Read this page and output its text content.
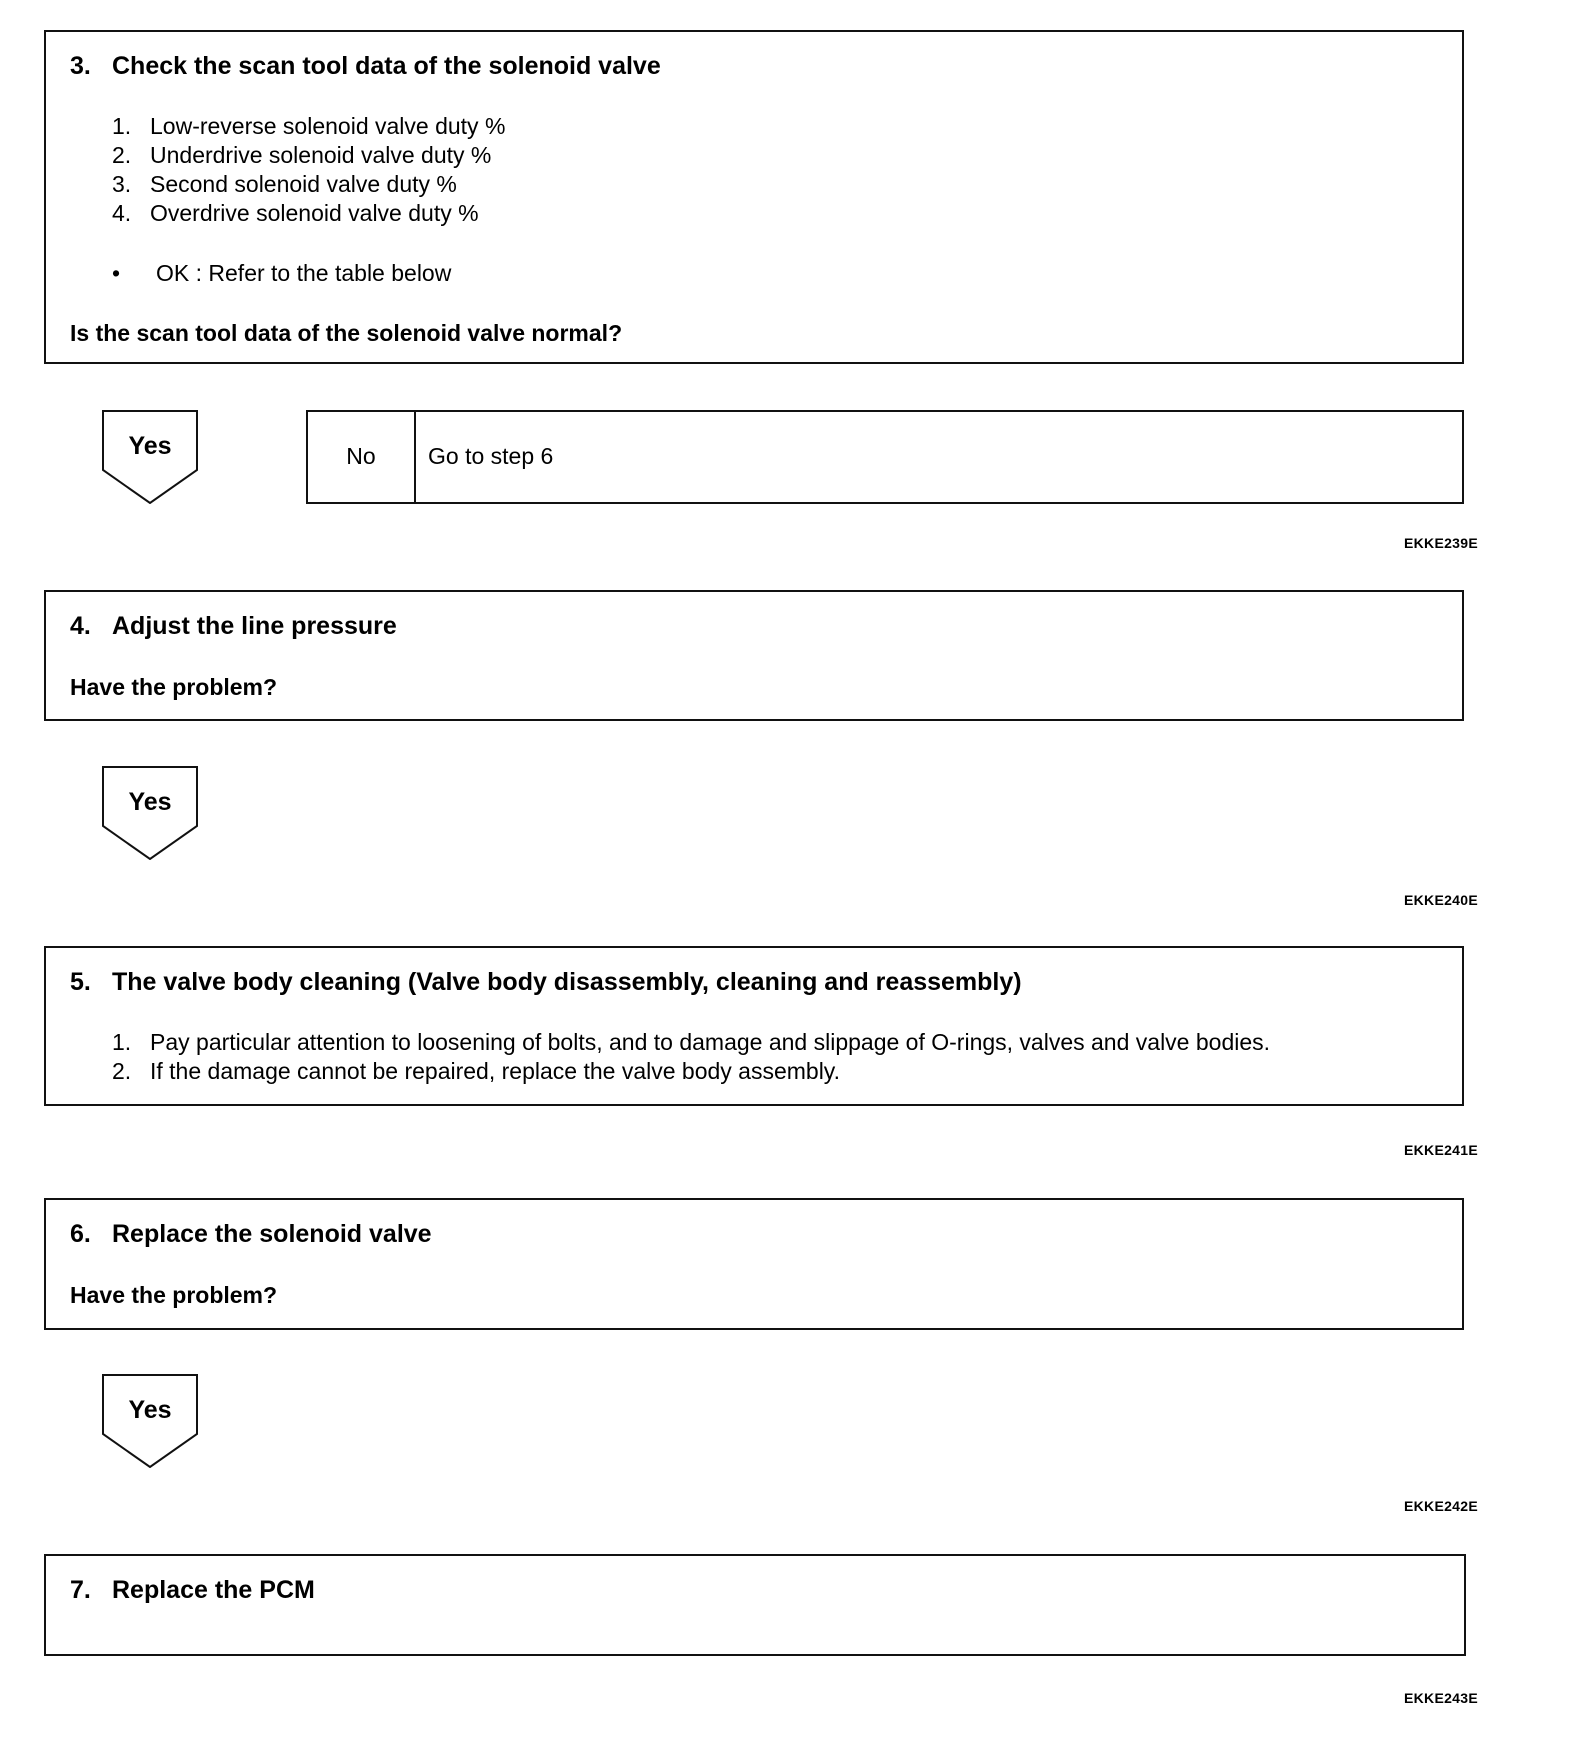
3. Check the scan tool data of the solenoid valve
1. Low-reverse solenoid valve duty %
2. Underdrive solenoid valve duty %
3. Second solenoid valve duty %
4. Overdrive solenoid valve duty %
• OK : Refer to the table below
Is the scan tool data of the solenoid valve normal?
Yes	No	Go to step 6
EKKE239E
4. Adjust the line pressure
Have the problem?
Yes
EKKE240E
5. The valve body cleaning (Valve body disassembly, cleaning and reassembly)
1. Pay particular attention to loosening of bolts, and to damage and slippage of O-rings, valves and valve bodies.
2. If the damage cannot be repaired, replace the valve body assembly.
EKKE241E
6. Replace the solenoid valve
Have the problem?
Yes
EKKE242E
7. Replace the PCM
EKKE243E
